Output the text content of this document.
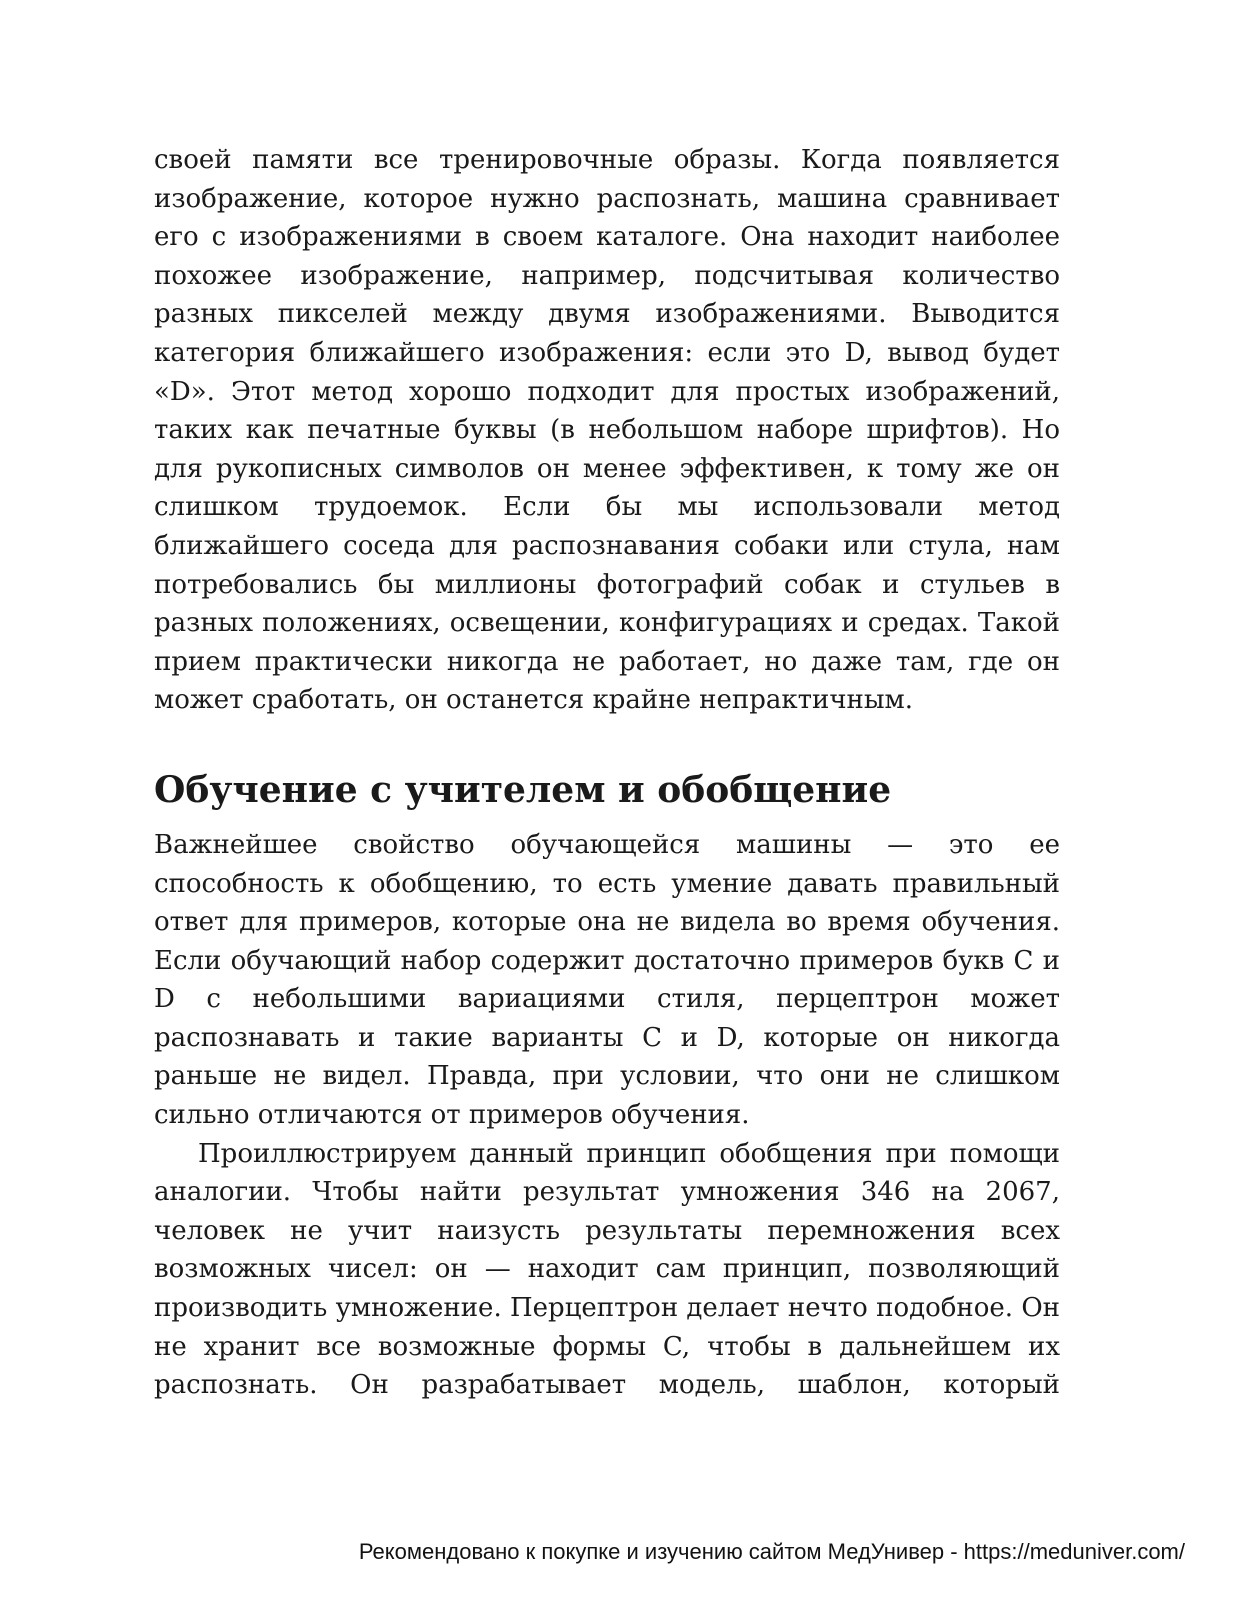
своей памяти все тренировочные образы. Когда появляется изображение, которое нужно распознать, машина сравнивает его с изображениями в своем каталоге. Она находит наиболее похожее изображение, например, подсчитывая количество разных пикселей между двумя изображениями. Выводится категория ближайшего изображения: если это D, вывод будет «D». Этот метод хорошо подходит для простых изображений, таких как печатные буквы (в небольшом наборе шрифтов). Но для рукописных символов он менее эффективен, к тому же он слишком трудоемок. Если бы мы использовали метод ближайшего соседа для распознавания собаки или стула, нам потребовались бы миллионы фотографий собак и стульев в разных положениях, освещении, конфигурациях и средах. Такой прием практически никогда не работает, но даже там, где он может сработать, он останется крайне непрактичным.

Обучение с учителем и обобщение

Важнейшее свойство обучающейся машины — это ее способность к обобщению, то есть умение давать правильный ответ для примеров, которые она не видела во время обучения. Если обучающий набор содержит достаточно примеров букв C и D с небольшими вариациями стиля, перцептрон может распознавать и такие варианты C и D, которые он никогда раньше не видел. Правда, при условии, что они не слишком сильно отличаются от примеров обучения.

Проиллюстрируем данный принцип обобщения при помощи аналогии. Чтобы найти результат умножения 346 на 2067, человек не учит наизусть результаты перемножения всех возможных чисел: он — находит сам принцип, позволяющий производить умножение. Перцептрон делает нечто подобное. Он не хранит все возможные формы C, чтобы в дальнейшем их распознать. Он разрабатывает модель, шаблон, который

Рекомендовано к покупке и изучению сайтом МедУнивер - https://meduniver.com/
